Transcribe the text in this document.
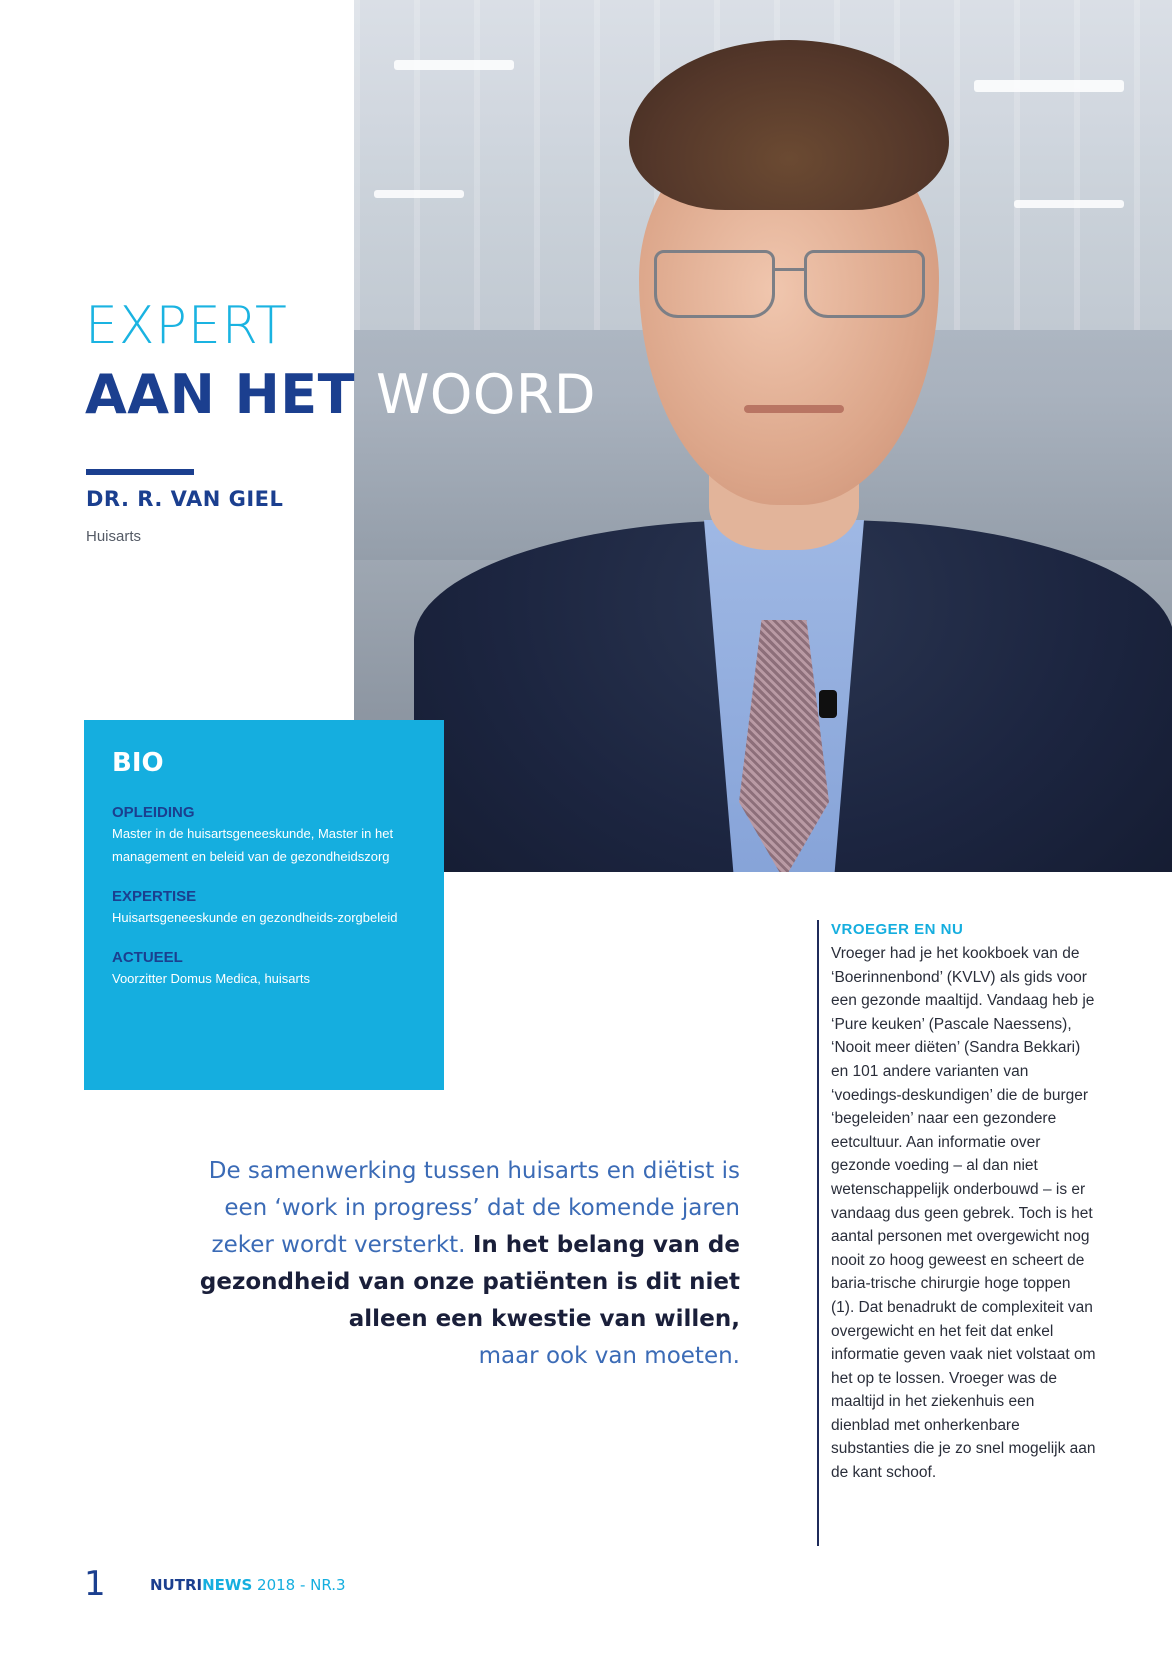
EXPERT
AAN HET WOORD
DR. R. VAN GIEL
Huisarts
BIO
OPLEIDING
Master in de huisartsgeneeskunde, Master in het management en beleid van de gezondheidszorg
EXPERTISE
Huisartsgeneeskunde en gezondheids-zorgbeleid
ACTUEEL
Voorzitter Domus Medica, huisarts
De samenwerking tussen huisarts en diëtist is een ‘work in progress’ dat de komende jaren zeker wordt versterkt. In het belang van de gezondheid van onze patiënten is dit niet alleen een kwestie van willen,
maar ook van moeten.
VROEGER EN NU
Vroeger had je het kookboek van de ‘Boerinnenbond’ (KVLV) als gids voor een gezonde maaltijd. Vandaag heb je ‘Pure keuken’ (Pascale Naessens), ‘Nooit meer diëten’ (Sandra Bekkari) en 101 andere varianten van ‘voedings-deskundigen’ die de burger ‘begeleiden’ naar een gezondere eetcultuur. Aan informatie over gezonde voeding – al dan niet wetenschappelijk onderbouwd – is er vandaag dus geen gebrek. Toch is het aantal personen met overgewicht nog nooit zo hoog geweest en scheert de baria-trische chirurgie hoge toppen (1). Dat benadrukt de complexiteit van overgewicht en het feit dat enkel informatie geven vaak niet volstaat om het op te lossen. Vroeger was de maaltijd in het ziekenhuis een dienblad met onherkenbare substanties die je zo snel mogelijk aan de kant schoof.
1	NUTRINEWS 2018 - NR.3
